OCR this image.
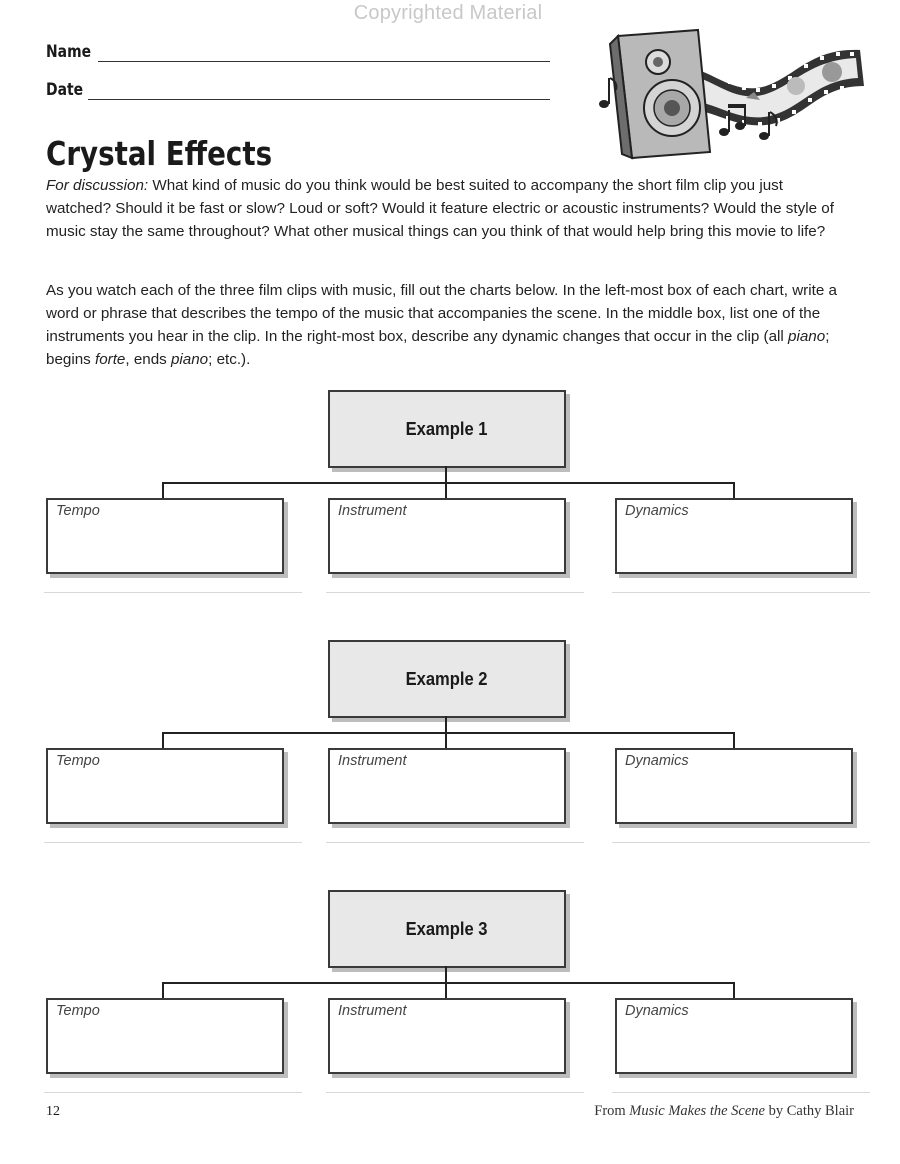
Copyrighted Material
Name
Date
Crystal Effects
For discussion: What kind of music do you think would be best suited to accompany the short film clip you just watched? Should it be fast or slow? Loud or soft? Would it feature electric or acoustic instruments? Would the style of music stay the same throughout? What other musical things can you think of that would help bring this movie to life?
As you watch each of the three film clips with music, fill out the charts below. In the left-most box of each chart, write a word or phrase that describes the tempo of the music that accompanies the scene. In the middle box, list one of the instruments you hear in the clip. In the right-most box, describe any dynamic changes that occur in the clip (all piano; begins forte, ends piano; etc.).
Example 1
Tempo	Instrument	Dynamics
Example 2
Tempo	Instrument	Dynamics
Example 3
Tempo	Instrument	Dynamics
12	From Music Makes the Scene by Cathy Blair
